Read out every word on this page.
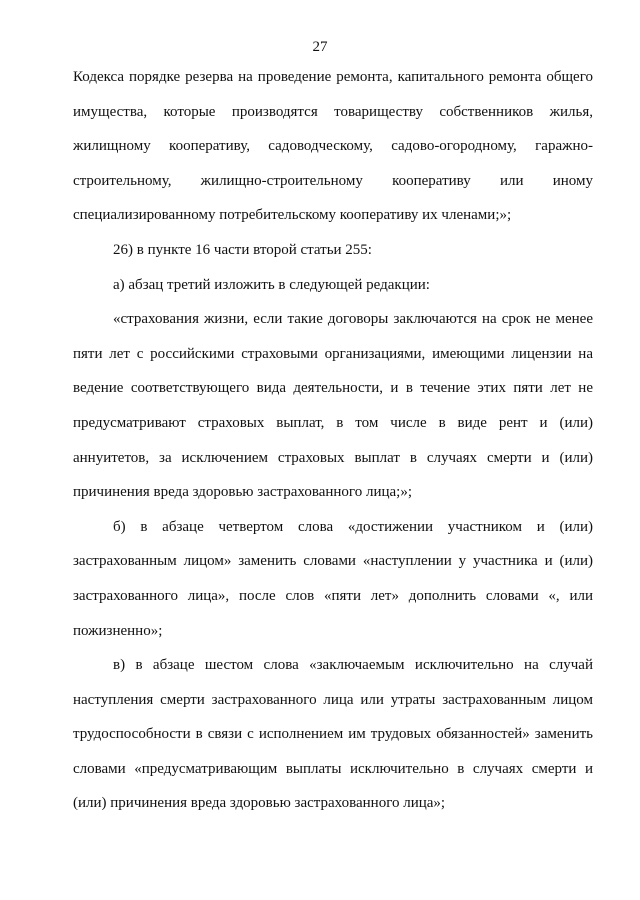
27
Кодекса порядке резерва на проведение ремонта, капитального ремонта общего
имущества, которые производятся товариществу собственников жилья,
жилищному кооперативу, садоводческому, садово-огородному, гаражно-
строительному, жилищно-строительному кооперативу или иному
специализированному потребительскому кооперативу их членами;»;
26) в пункте 16 части второй статьи 255:
а) абзац третий изложить в следующей редакции:
«страхования жизни, если такие договоры заключаются на срок не менее
пяти лет с российскими страховыми организациями, имеющими лицензии на
ведение соответствующего вида деятельности, и в течение этих пяти лет не
предусматривают страховых выплат, в том числе в виде рент и (или)
аннуитетов, за исключением страховых выплат в случаях смерти и (или)
причинения вреда здоровью застрахованного лица;»;
б) в абзаце четвертом слова «достижении участником и (или)
застрахованным лицом» заменить словами «наступлении у участника и (или)
застрахованного лица», после слов «пяти лет» дополнить словами «, или
пожизненно»;
в) в абзаце шестом слова «заключаемым исключительно на случай
наступления смерти застрахованного лица или утраты застрахованным лицом
трудоспособности в связи с исполнением им трудовых обязанностей» заменить
словами «предусматривающим выплаты исключительно в случаях смерти и
(или) причинения вреда здоровью застрахованного лица»;
